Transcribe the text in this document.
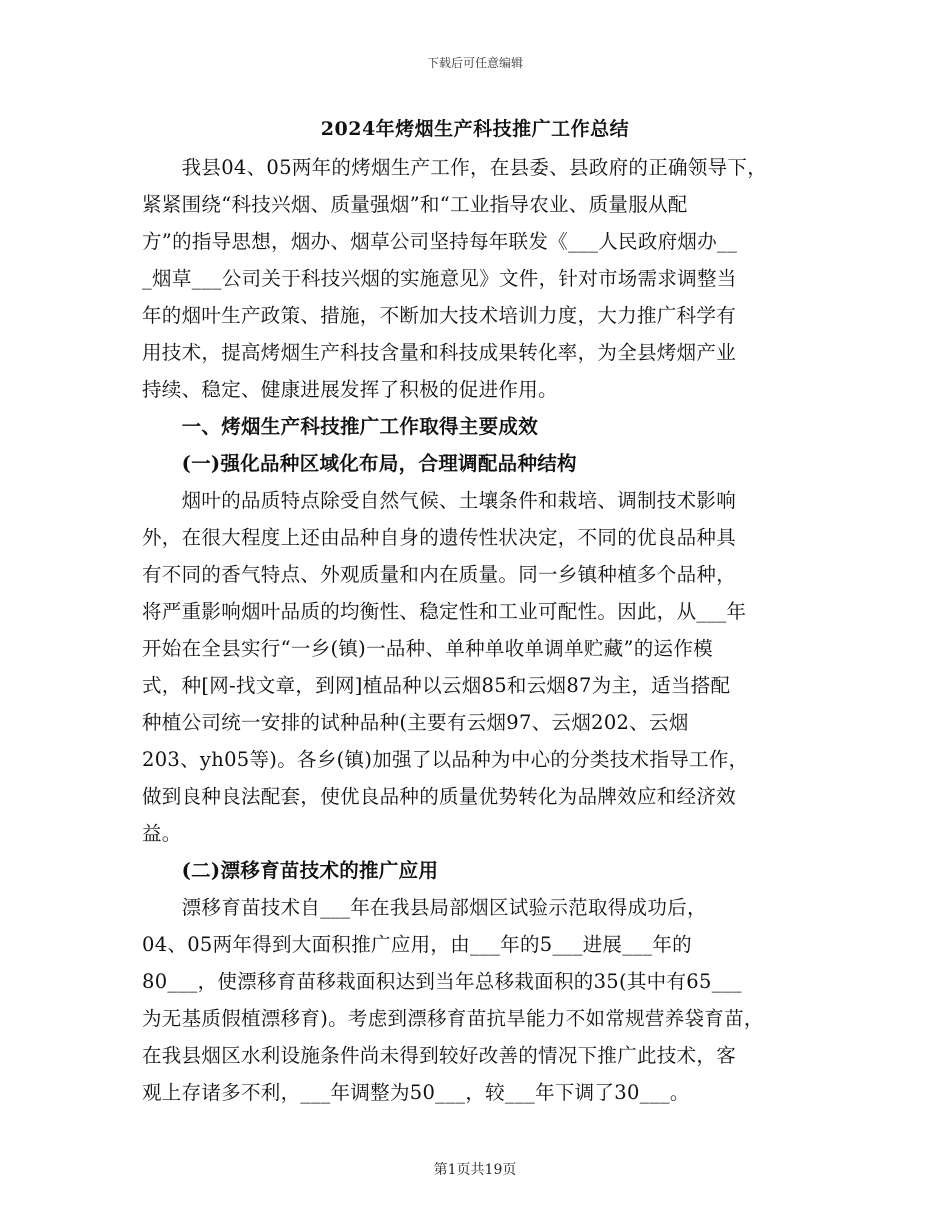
下载后可任意编辑
2024年烤烟生产科技推广工作总结
　　我县04、05两年的烤烟生产工作，在县委、县政府的正确领导下，
紧紧围绕“科技兴烟、质量强烟”和“工业指导农业、质量服从配
方”的指导思想，烟办、烟草公司坚持每年联发《___人民政府烟办__
_烟草___公司关于科技兴烟的实施意见》文件，针对市场需求调整当
年的烟叶生产政策、措施，不断加大技术培训力度，大力推广科学有
用技术，提高烤烟生产科技含量和科技成果转化率，为全县烤烟产业
持续、稳定、健康进展发挥了积极的促进作用。
　　一、烤烟生产科技推广工作取得主要成效
　　(一)强化品种区域化布局，合理调配品种结构
　　烟叶的品质特点除受自然气候、土壤条件和栽培、调制技术影响
外，在很大程度上还由品种自身的遗传性状决定，不同的优良品种具
有不同的香气特点、外观质量和内在质量。同一乡镇种植多个品种，
将严重影响烟叶品质的均衡性、稳定性和工业可配性。因此，从___年
开始在全县实行“一乡(镇)一品种、单种单收单调单贮藏”的运作模
式，种[网-找文章，到网]植品种以云烟85和云烟87为主，适当搭配
种植公司统一安排的试种品种(主要有云烟97、云烟202、云烟
203、yh05等)。各乡(镇)加强了以品种为中心的分类技术指导工作，
做到良种良法配套，使优良品种的质量优势转化为品牌效应和经济效
益。
　　(二)漂移育苗技术的推广应用
　　漂移育苗技术自___年在我县局部烟区试验示范取得成功后，
04、05两年得到大面积推广应用，由___年的5___进展___年的
80___，使漂移育苗移栽面积达到当年总移栽面积的35(其中有65___
为无基质假植漂移育)。考虑到漂移育苗抗旱能力不如常规营养袋育苗，
在我县烟区水利设施条件尚未得到较好改善的情况下推广此技术，客
观上存诸多不利，___年调整为50___，较___年下调了30___。
第1页共19页
